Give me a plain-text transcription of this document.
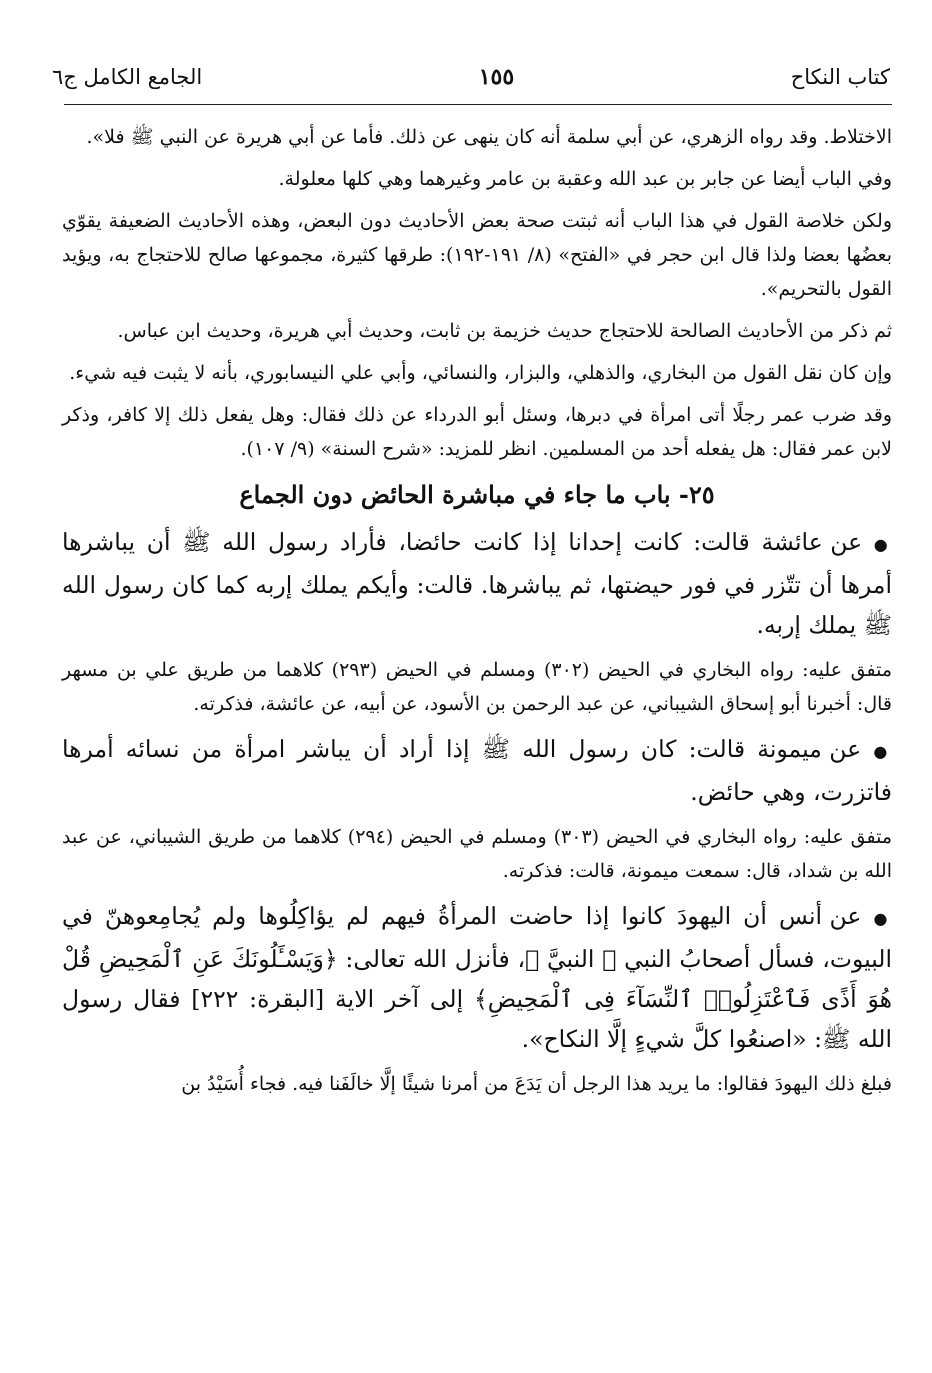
كتاب النكاح
١٥٥
الجامع الكامل ج٦

الاختلاط. وقد رواه الزهري، عن أبي سلمة أنه كان ينهى عن ذلك. فأما عن أبي هريرة عن النبي ﷺ فلا».

وفي الباب أيضا عن جابر بن عبد الله وعقبة بن عامر وغيرهما وهي كلها معلولة.

ولكن خلاصة القول في هذا الباب أنه ثبتت صحة بعض الأحاديث دون البعض، وهذه الأحاديث الضعيفة يقوّي بعضُها بعضا ولذا قال ابن حجر في «الفتح» (٨/ ١٩١-١٩٢): طرقها كثيرة، مجموعها صالح للاحتجاج به، ويؤيد القول بالتحريم».

ثم ذكر من الأحاديث الصالحة للاحتجاج حديث خزيمة بن ثابت، وحديث أبي هريرة، وحديث ابن عباس.

وإن كان نقل القول من البخاري، والذهلي، والبزار، والنسائي، وأبي علي النيسابوري، بأنه لا يثبت فيه شيء.

وقد ضرب عمر رجلًا أتى امرأة في دبرها، وسئل أبو الدرداء عن ذلك فقال: وهل يفعل ذلك إلا كافر، وذكر لابن عمر فقال: هل يفعله أحد من المسلمين. انظر للمزيد: «شرح السنة» (٩/ ١٠٧).

٢٥- باب ما جاء في مباشرة الحائض دون الجماع

● عن عائشة قالت: كانت إحدانا إذا كانت حائضا، فأراد رسول الله ﷺ أن يباشرها أمرها أن تتّزر في فور حيضتها، ثم يباشرها. قالت: وأيكم يملك إربه كما كان رسول الله ﷺ يملك إربه.

متفق عليه: رواه البخاري في الحيض (٣٠٢) ومسلم في الحيض (٢٩٣) كلاهما من طريق علي بن مسهر قال: أخبرنا أبو إسحاق الشيباني، عن عبد الرحمن بن الأسود، عن أبيه، عن عائشة، فذكرته.

● عن ميمونة قالت: كان رسول الله ﷺ إذا أراد أن يباشر امرأة من نسائه أمرها فاتزرت، وهي حائض.

متفق عليه: رواه البخاري في الحيض (٣٠٣) ومسلم في الحيض (٢٩٤) كلاهما من طريق الشيباني، عن عبد الله بن شداد، قال: سمعت ميمونة، قالت: فذكرته.

● عن أنس أن اليهودَ كانوا إذا حاضت المرأةُ فيهم لم يؤاكِلُوها ولم يُجامِعوهنّ في البيوت، فسأل أصحابُ النبي ﷺ النبيَّ ﷺ، فأنزل الله تعالى: ﴿وَيَسْـَٔلُونَكَ عَنِ ٱلْمَحِيضِ قُلْ هُوَ أَذًى فَٱعْتَزِلُوا۟ ٱلنِّسَآءَ فِى ٱلْمَحِيضِ﴾ إلى آخر الاية [البقرة: ٢٢٢] فقال رسول الله ﷺ: «اصنعُوا كلَّ شيءٍ إلَّا النكاح».

فبلغ ذلك اليهودَ فقالوا: ما يريد هذا الرجل أن يَدَعَ من أمرنا شيئًا إلَّا خالَفَنا فيه. فجاء أُسَيْدُ بن
